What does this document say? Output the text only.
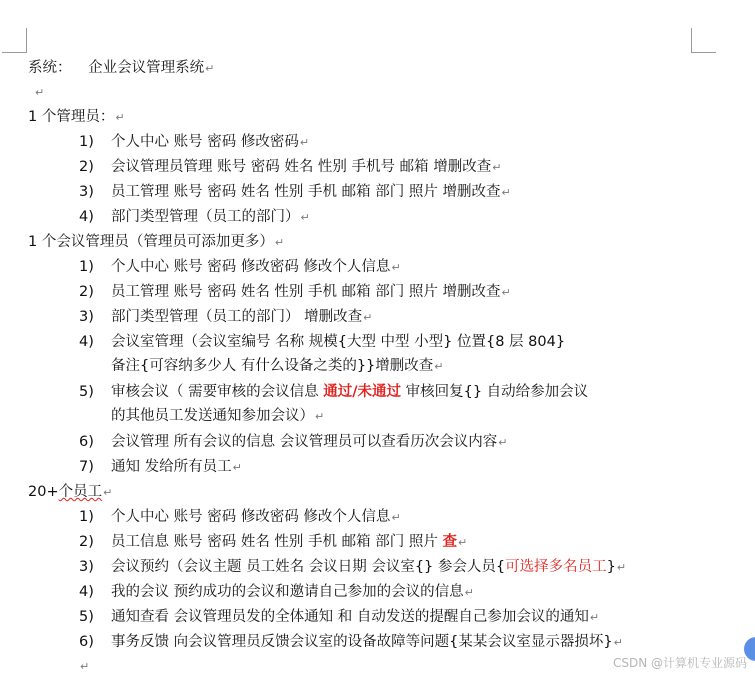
系统： 企业会议管理系统↵
↵
1 个管理员：↵
1) 个人中心 账号 密码 修改密码↵
2) 会议管理员管理 账号 密码 姓名 性别 手机号 邮箱 增删改查↵
3) 员工管理 账号 密码 姓名 性别 手机 邮箱 部门 照片 增删改查↵
4) 部门类型管理（员工的部门）↵
1 个会议管理员（管理员可添加更多）↵
1) 个人中心 账号 密码 修改密码 修改个人信息↵
2) 员工管理 账号 密码 姓名 性别 手机 邮箱 部门 照片 增删改查↵
3) 部门类型管理（员工的部门） 增删改查↵
4) 会议室管理（会议室编号 名称 规模{大型 中型 小型} 位置{8 层 804}
备注{可容纳多少人 有什么设备之类的}}增删改查↵
5) 审核会议（ 需要审核的会议信息 通过/未通过 审核回复{} 自动给参加会议
的其他员工发送通知参加会议）↵
6) 会议管理 所有会议的信息 会议管理员可以查看历次会议内容↵
7) 通知 发给所有员工↵
20+个员工↵
1) 个人中心 账号 密码 修改密码 修改个人信息↵
2) 员工信息 账号 密码 姓名 性别 手机 邮箱 部门 照片 查↵
3) 会议预约（会议主题 员工姓名 会议日期 会议室{} 参会人员{可选择多名员工}↵
4) 我的会议 预约成功的会议和邀请自己参加的会议的信息↵
5) 通知查看 会议管理员发的全体通知 和 自动发送的提醒自己参加会议的通知↵
6) 事务反馈 向会议管理员反馈会议室的设备故障等问题{某某会议室显示器损坏}↵
↵	CSDN @计算机专业源码
